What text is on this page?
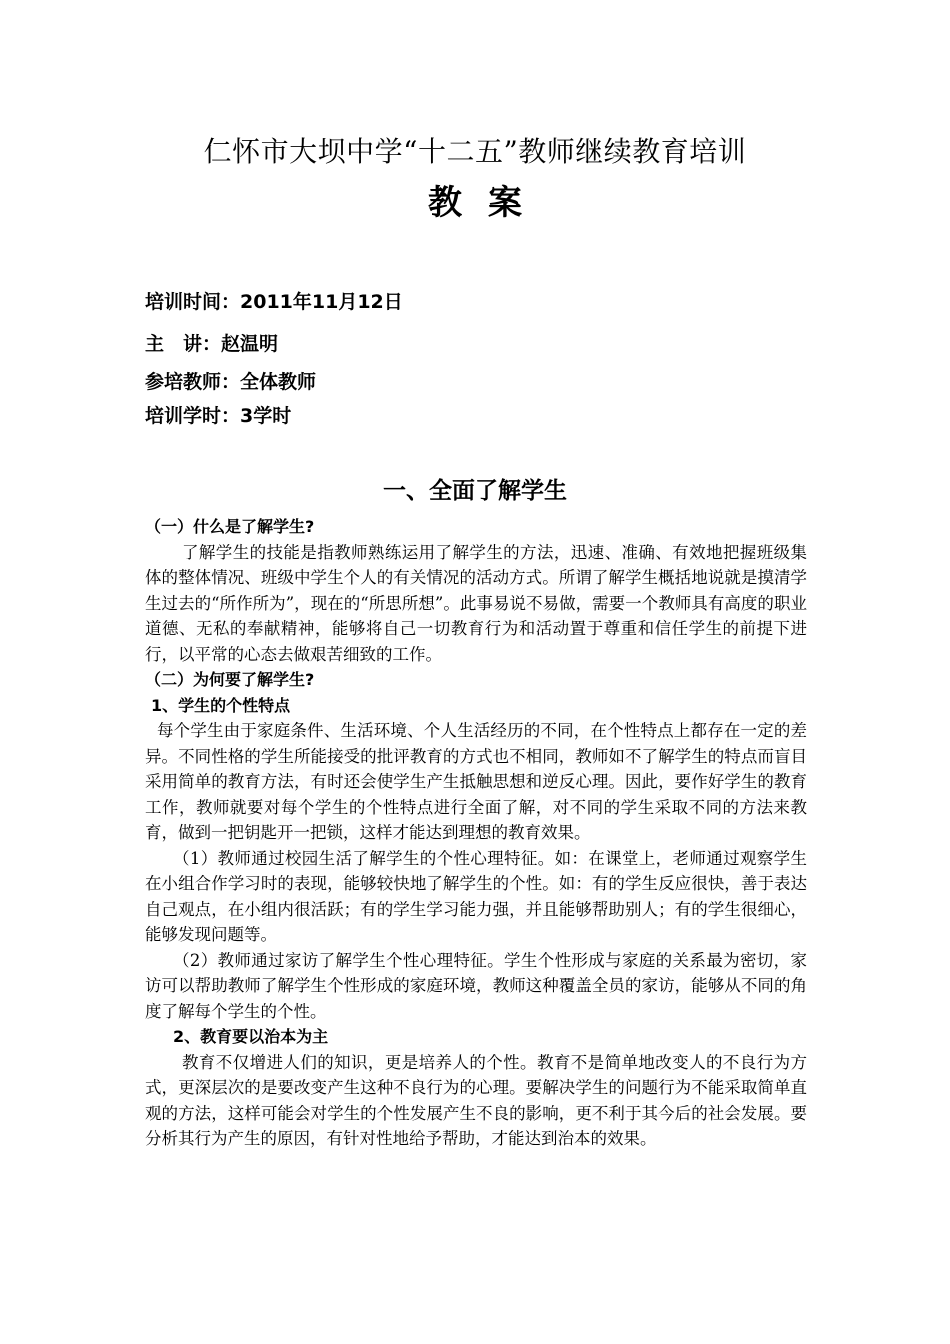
仁怀市大坝中学“十二五”教师继续教育培训
教案
培训时间：2011年11月12日
主　讲：赵温明
参培教师：全体教师
培训学时：3学时
一、全面了解学生

（一）什么是了解学生?

了解学生的技能是指教师熟练运用了解学生的方法，迅速、准确、有效地把握班级集体的整体情况、班级中学生个人的有关情况的活动方式。所谓了解学生概括地说就是摸清学生过去的“所作所为”，现在的“所思所想”。此事易说不易做，需要一个教师具有高度的职业道德、无私的奉献精神，能够将自己一切教育行为和活动置于尊重和信任学生的前提下进行，以平常的心态去做艰苦细致的工作。

（二）为何要了解学生?

1、学生的个性特点

每个学生由于家庭条件、生活环境、个人生活经历的不同，在个性特点上都存在一定的差异。不同性格的学生所能接受的批评教育的方式也不相同，教师如不了解学生的特点而盲目采用简单的教育方法，有时还会使学生产生抵触思想和逆反心理。因此，要作好学生的教育工作，教师就要对每个学生的个性特点进行全面了解，对不同的学生采取不同的方法来教育，做到一把钥匙开一把锁，这样才能达到理想的教育效果。

（1）教师通过校园生活了解学生的个性心理特征。如：在课堂上，老师通过观察学生在小组合作学习时的表现，能够较快地了解学生的个性。如：有的学生反应很快，善于表达自己观点，在小组内很活跃；有的学生学习能力强，并且能够帮助别人；有的学生很细心，能够发现问题等。

（2）教师通过家访了解学生个性心理特征。学生个性形成与家庭的关系最为密切，家访可以帮助教师了解学生个性形成的家庭环境，教师这种覆盖全员的家访，能够从不同的角度了解每个学生的个性。

2、教育要以治本为主

教育不仅增进人们的知识，更是培养人的个性。教育不是简单地改变人的不良行为方式，更深层次的是要改变产生这种不良行为的心理。要解决学生的问题行为不能采取简单直观的方法，这样可能会对学生的个性发展产生不良的影响，更不利于其今后的社会发展。要分析其行为产生的原因，有针对性地给予帮助，才能达到治本的效果。
